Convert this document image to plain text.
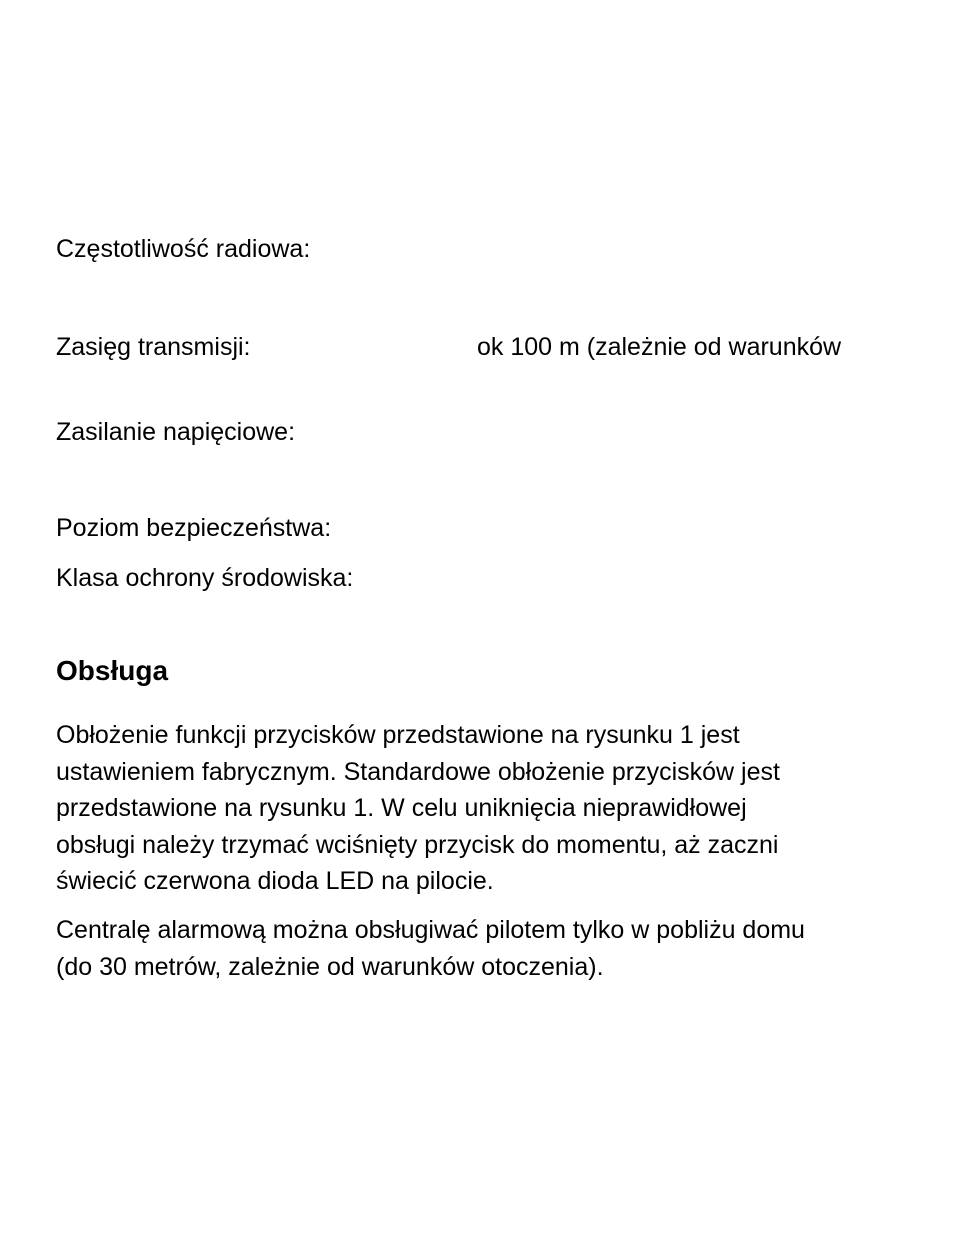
Częstotliwość radiowa:
Zasięg transmisji:	ok 100 m (zależnie od warunków
Zasilanie napięciowe:
Poziom bezpieczeństwa:
Klasa ochrony środowiska:
Obsługa
Obłożenie funkcji przycisków przedstawione na rysunku 1 jest
ustawieniem fabrycznym. Standardowe obłożenie przycisków jest
przedstawione na rysunku 1. W celu uniknięcia nieprawidłowej
obsługi należy trzymać wciśnięty przycisk do momentu, aż zaczni
świecić czerwona dioda LED na pilocie.
Centralę alarmową można obsługiwać pilotem tylko w pobliżu domu
(do 30 metrów, zależnie od warunków otoczenia).
